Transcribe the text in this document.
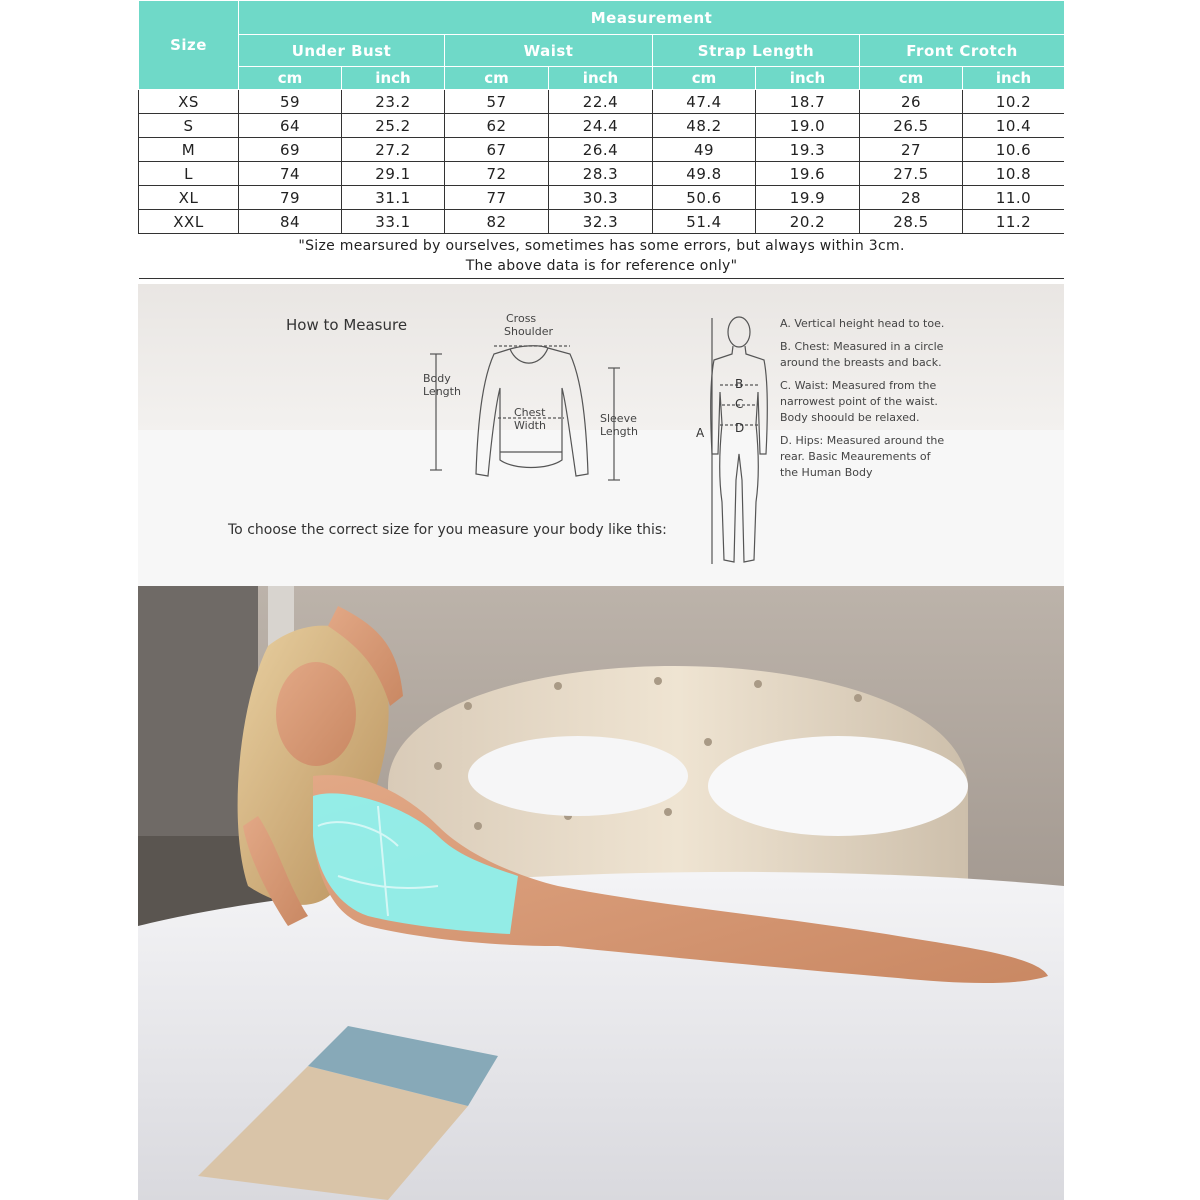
Size	Measurement							
	Under Bust		Waist		Strap Length		Front Crotch	
	cm	inch	cm	inch	cm	inch	cm	inch
XS	59	23.2	57	22.4	47.4	18.7	26	10.2
S	64	25.2	62	24.4	48.2	19.0	26.5	10.4
M	69	27.2	67	26.4	49	19.3	27	10.6
L	74	29.1	72	28.3	49.8	19.6	27.5	10.8
XL	79	31.1	77	30.3	50.6	19.9	28	11.0
XXL	84	33.1	82	32.3	51.4	20.2	28.5	11.2

"Size mearsured by ourselves, sometimes has some errors, but always within 3cm.
The above data is for reference only"								
How to Measure	Cross
Shoulder
Body
Length
Chest
Width
Sleeve
Length
B
C
D
A
To choose the correct size for you measure your body like this:
A. Vertical height head to toe.
B. Chest: Measured in a circle around the breasts and back.
C. Waist: Measured from the narrowest point of the waist. Body shoould be relaxed.
D. Hips: Measured around the rear. Basic Meaurements of the Human Body
